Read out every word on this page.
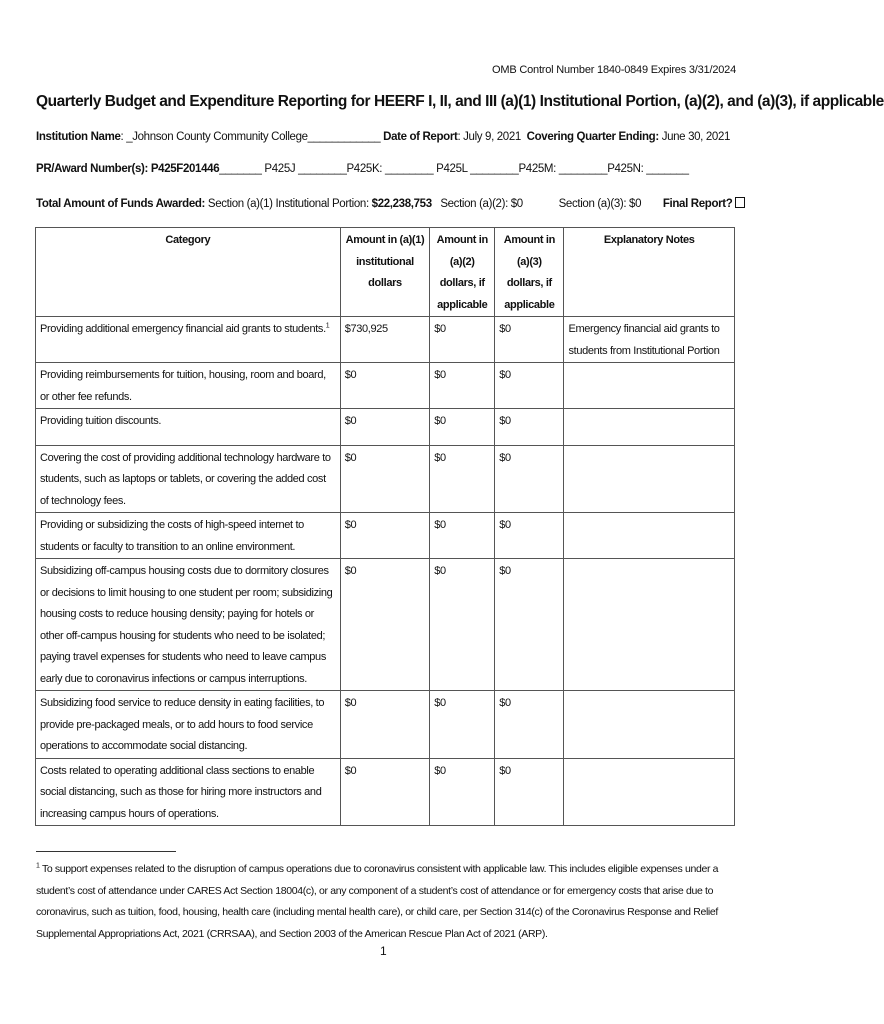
OMB Control Number 1840-0849 Expires 3/31/2024
Quarterly Budget and Expenditure Reporting for HEERF I, II, and III (a)(1) Institutional Portion, (a)(2), and (a)(3), if applicable
Institution Name: _Johnson County Community College____________ Date of Report: July 9, 2021 Covering Quarter Ending: June 30, 2021
PR/Award Number(s): P425F201446_______ P425J ________P425K: ________ P425L ________P425M: ________P425N: _______
Total Amount of Funds Awarded: Section (a)(1) Institutional Portion: $22,238,753 Section (a)(2): $0	Section (a)(3): $0 Final Report?
Category	Amount in (a)(1) institutional dollars	Amount in (a)(2) dollars, if applicable	Amount in (a)(3) dollars, if applicable	Explanatory Notes
Providing additional emergency financial aid grants to students.$^1$	$730,925	$0	$0	Emergency financial aid grants to students from Institutional Portion
Providing reimbursements for tuition, housing, room and board, or other fee refunds.	$0	$0	$0	
Providing tuition discounts.	$0	$0	$0	
Covering the cost of providing additional technology hardware to students, such as laptops or tablets, or covering the added cost of technology fees.	$0	$0	$0	
Providing or subsidizing the costs of high-speed internet to students or faculty to transition to an online environment.	$0	$0	$0	
Subsidizing off-campus housing costs due to dormitory closures or decisions to limit housing to one student per room; subsidizing housing costs to reduce housing density; paying for hotels or other off-campus housing for students who need to be isolated; paying travel expenses for students who need to leave campus early due to coronavirus infections or campus interruptions.	$0	$0	$0	
Subsidizing food service to reduce density in eating facilities, to provide pre-packaged meals, or to add hours to food service operations to accommodate social distancing.	$0	$0	$0	
Costs related to operating additional class sections to enable social distancing, such as those for hiring more instructors and increasing campus hours of operations.	$0	$0	$0	
$^1$ To support expenses related to the disruption of campus operations due to coronavirus consistent with applicable law. This includes eligible expenses under a student’s cost of attendance under CARES Act Section 18004(c), or any component of a student’s cost of attendance or for emergency costs that arise due to coronavirus, such as tuition, food, housing, health care (including mental health care), or child care, per Section 314(c) of the Coronavirus Response and Relief Supplemental Appropriations Act, 2021 (CRRSAA), and Section 2003 of the American Rescue Plan Act of 2021 (ARP).
1
